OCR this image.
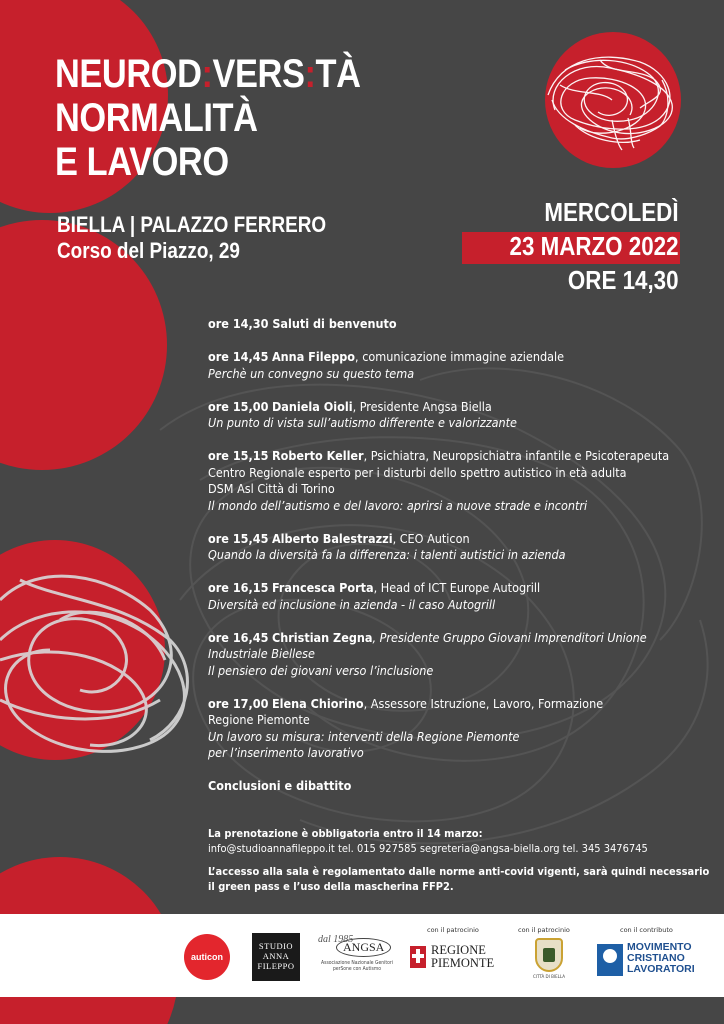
NEUROD:VERS:TÀ
NORMALITÀ
E LAVORO
BIELLA | PALAZZO FERRERO
Corso del Piazzo, 29
MERCOLEDÌ
23 MARZO 2022
ORE 14,30
ore 14,30 Saluti di benvenuto
ore 14,45 Anna Fileppo, comunicazione immagine aziendale
Perchè un convegno su questo tema
ore 15,00 Daniela Oioli, Presidente Angsa Biella
Un punto di vista sull’autismo differente e valorizzante
ore 15,15 Roberto Keller, Psichiatra, Neuropsichiatra infantile e Psicoterapeuta
Centro Regionale esperto per i disturbi dello spettro autistico in età adulta
DSM Asl Città di Torino
Il mondo dell’autismo e del lavoro: aprirsi a nuove strade e incontri
ore 15,45 Alberto Balestrazzi, CEO Auticon
Quando la diversità fa la differenza: i talenti autistici in azienda
ore 16,15 Francesca Porta, Head of ICT Europe Autogrill
Diversità ed inclusione in azienda - il caso Autogrill
ore 16,45 Christian Zegna, Presidente Gruppo Giovani Imprenditori Unione
Industriale Biellese
Il pensiero dei giovani verso l’inclusione
ore 17,00 Elena Chiorino, Assessore Istruzione, Lavoro, Formazione
Regione Piemonte
Un lavoro su misura: interventi della Regione Piemonte
per l’inserimento lavorativo
Conclusioni e dibattito
La prenotazione è obbligatoria entro il 14 marzo:
info@studioannafileppo.it tel. 015 927585 segreteria@angsa-biella.org tel. 345 3476745
L’accesso alla sala è regolamentato dalle norme anti-covid vigenti, sarà quindi necessario
il green pass e l’uso della mascherina FFP2.
auticon
STUDIO
ANNA
FILEPPO
dal 1985
ANGSA
Associazione Nazionale Genitori perSone con Autismo
con il patrocinio
REGIONE
PIEMONTE
con il patrocinio
CITTÀ DI BIELLA
con il contributo
MOVIMENTO
CRISTIANO
LAVORATORI
